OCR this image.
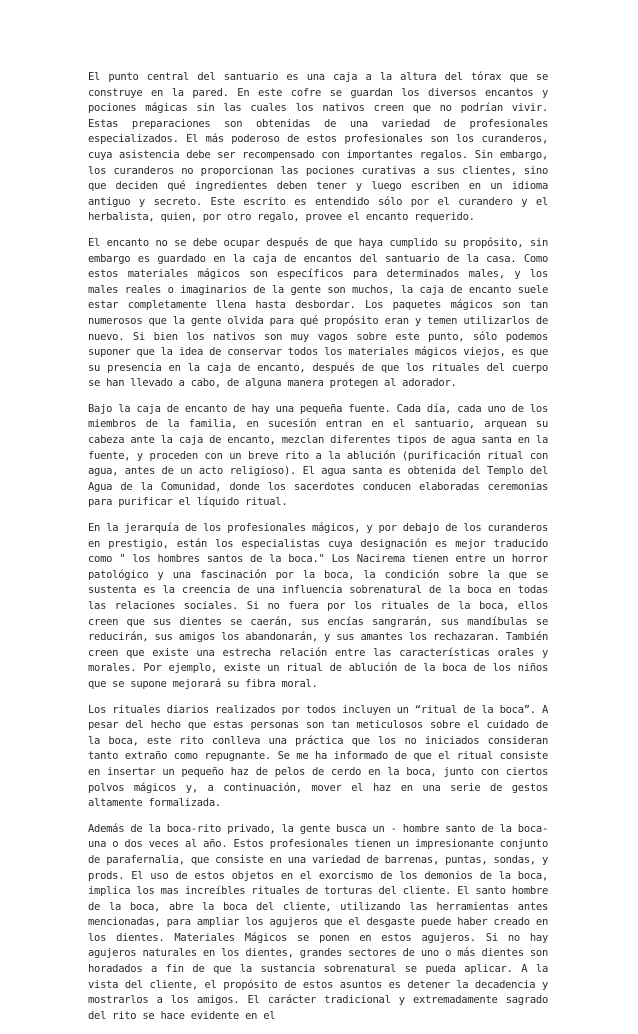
El punto central del santuario es una caja a la altura del tórax que se construye en la pared. En este cofre se guardan los diversos encantos y pociones mágicas sin las cuales los nativos creen que no podrían vivir. Estas preparaciones son obtenidas de una variedad de profesionales especializados. El más poderoso de estos profesionales son los curanderos, cuya asistencia debe ser recompensado con importantes regalos. Sin embargo, los curanderos no proporcionan las pociones curativas a sus clientes, sino que deciden qué ingredientes deben tener y luego escriben en un idioma antiguo y secreto. Este escrito es entendido sólo por el curandero y el herbalista, quien, por otro regalo, provee el encanto requerido.

El encanto no se debe ocupar después de que haya cumplido su propósito, sin embargo es guardado en la caja de encantos del santuario de la casa. Como estos materiales mágicos son específicos para determinados males, y los males reales o imaginarios de la gente son muchos, la caja de encanto suele estar completamente llena hasta desbordar. Los paquetes mágicos son tan numerosos que la gente olvida para qué propósito eran y temen utilizarlos de nuevo. Si bien los nativos son muy vagos sobre este punto, sólo podemos suponer que la idea de conservar todos los materiales mágicos viejos, es que su presencia en la caja de encanto, después de que los rituales del cuerpo se han llevado a cabo, de alguna manera protegen al adorador.

Bajo la caja de encanto de hay una pequeña fuente. Cada día, cada uno de los miembros de la familia, en sucesión entran en el santuario, arquean su cabeza ante la caja de encanto, mezclan diferentes tipos de agua santa en la fuente, y proceden con un breve rito a la ablución (purificación ritual con agua, antes de un acto religioso). El agua santa es obtenida del Templo del Agua de la Comunidad, donde los sacerdotes conducen elaboradas ceremonias para purificar el líquido ritual.

En la jerarquía de los profesionales mágicos, y por debajo de los curanderos en prestigio, están los especialistas cuya designación es mejor traducido como " los hombres santos de la boca." Los Nacirema tienen entre un horror patológico y una fascinación por la boca, la condición sobre la que se sustenta es la creencia de una influencia sobrenatural de la boca en todas las relaciones sociales. Si no fuera por los rituales de la boca, ellos creen que sus dientes se caerán, sus encías sangrarán, sus mandíbulas se reducirán, sus amigos los abandonarán, y sus amantes los rechazaran. También creen que existe una estrecha relación entre las características orales y morales. Por ejemplo, existe un ritual de ablución de la boca de los niños que se supone mejorará su fibra moral.

Los rituales diarios realizados por todos incluyen un “ritual de la boca”. A pesar del hecho que estas personas son tan meticulosos sobre el cuidado de la boca, este rito conlleva una práctica que los no iniciados consideran tanto extraño como repugnante. Se me ha informado de que el ritual consiste en insertar un pequeño haz de pelos de cerdo en la boca, junto con ciertos polvos mágicos y, a continuación, mover el haz en una serie de gestos altamente formalizada.

Además de la boca-rito privado, la gente busca un - hombre santo de la boca- una o dos veces al año. Estos profesionales tienen un impresionante conjunto de parafernalia, que consiste en una variedad de barrenas, puntas, sondas, y prods. El uso de estos objetos en el exorcismo de los demonios de la boca, implica los mas increíbles rituales de torturas del cliente. El santo hombre de la boca, abre la boca del cliente, utilizando las herramientas antes mencionadas, para ampliar los agujeros que el desgaste puede haber creado en los dientes. Materiales Mágicos se ponen en estos agujeros. Si no hay agujeros naturales en los dientes, grandes sectores de uno o más dientes son horadados a fin de que la sustancia sobrenatural se pueda aplicar. A la vista del cliente, el propósito de estos asuntos es detener la decadencia y mostrarlos a los amigos. El carácter tradicional y extremadamente sagrado del rito se hace evidente en el
